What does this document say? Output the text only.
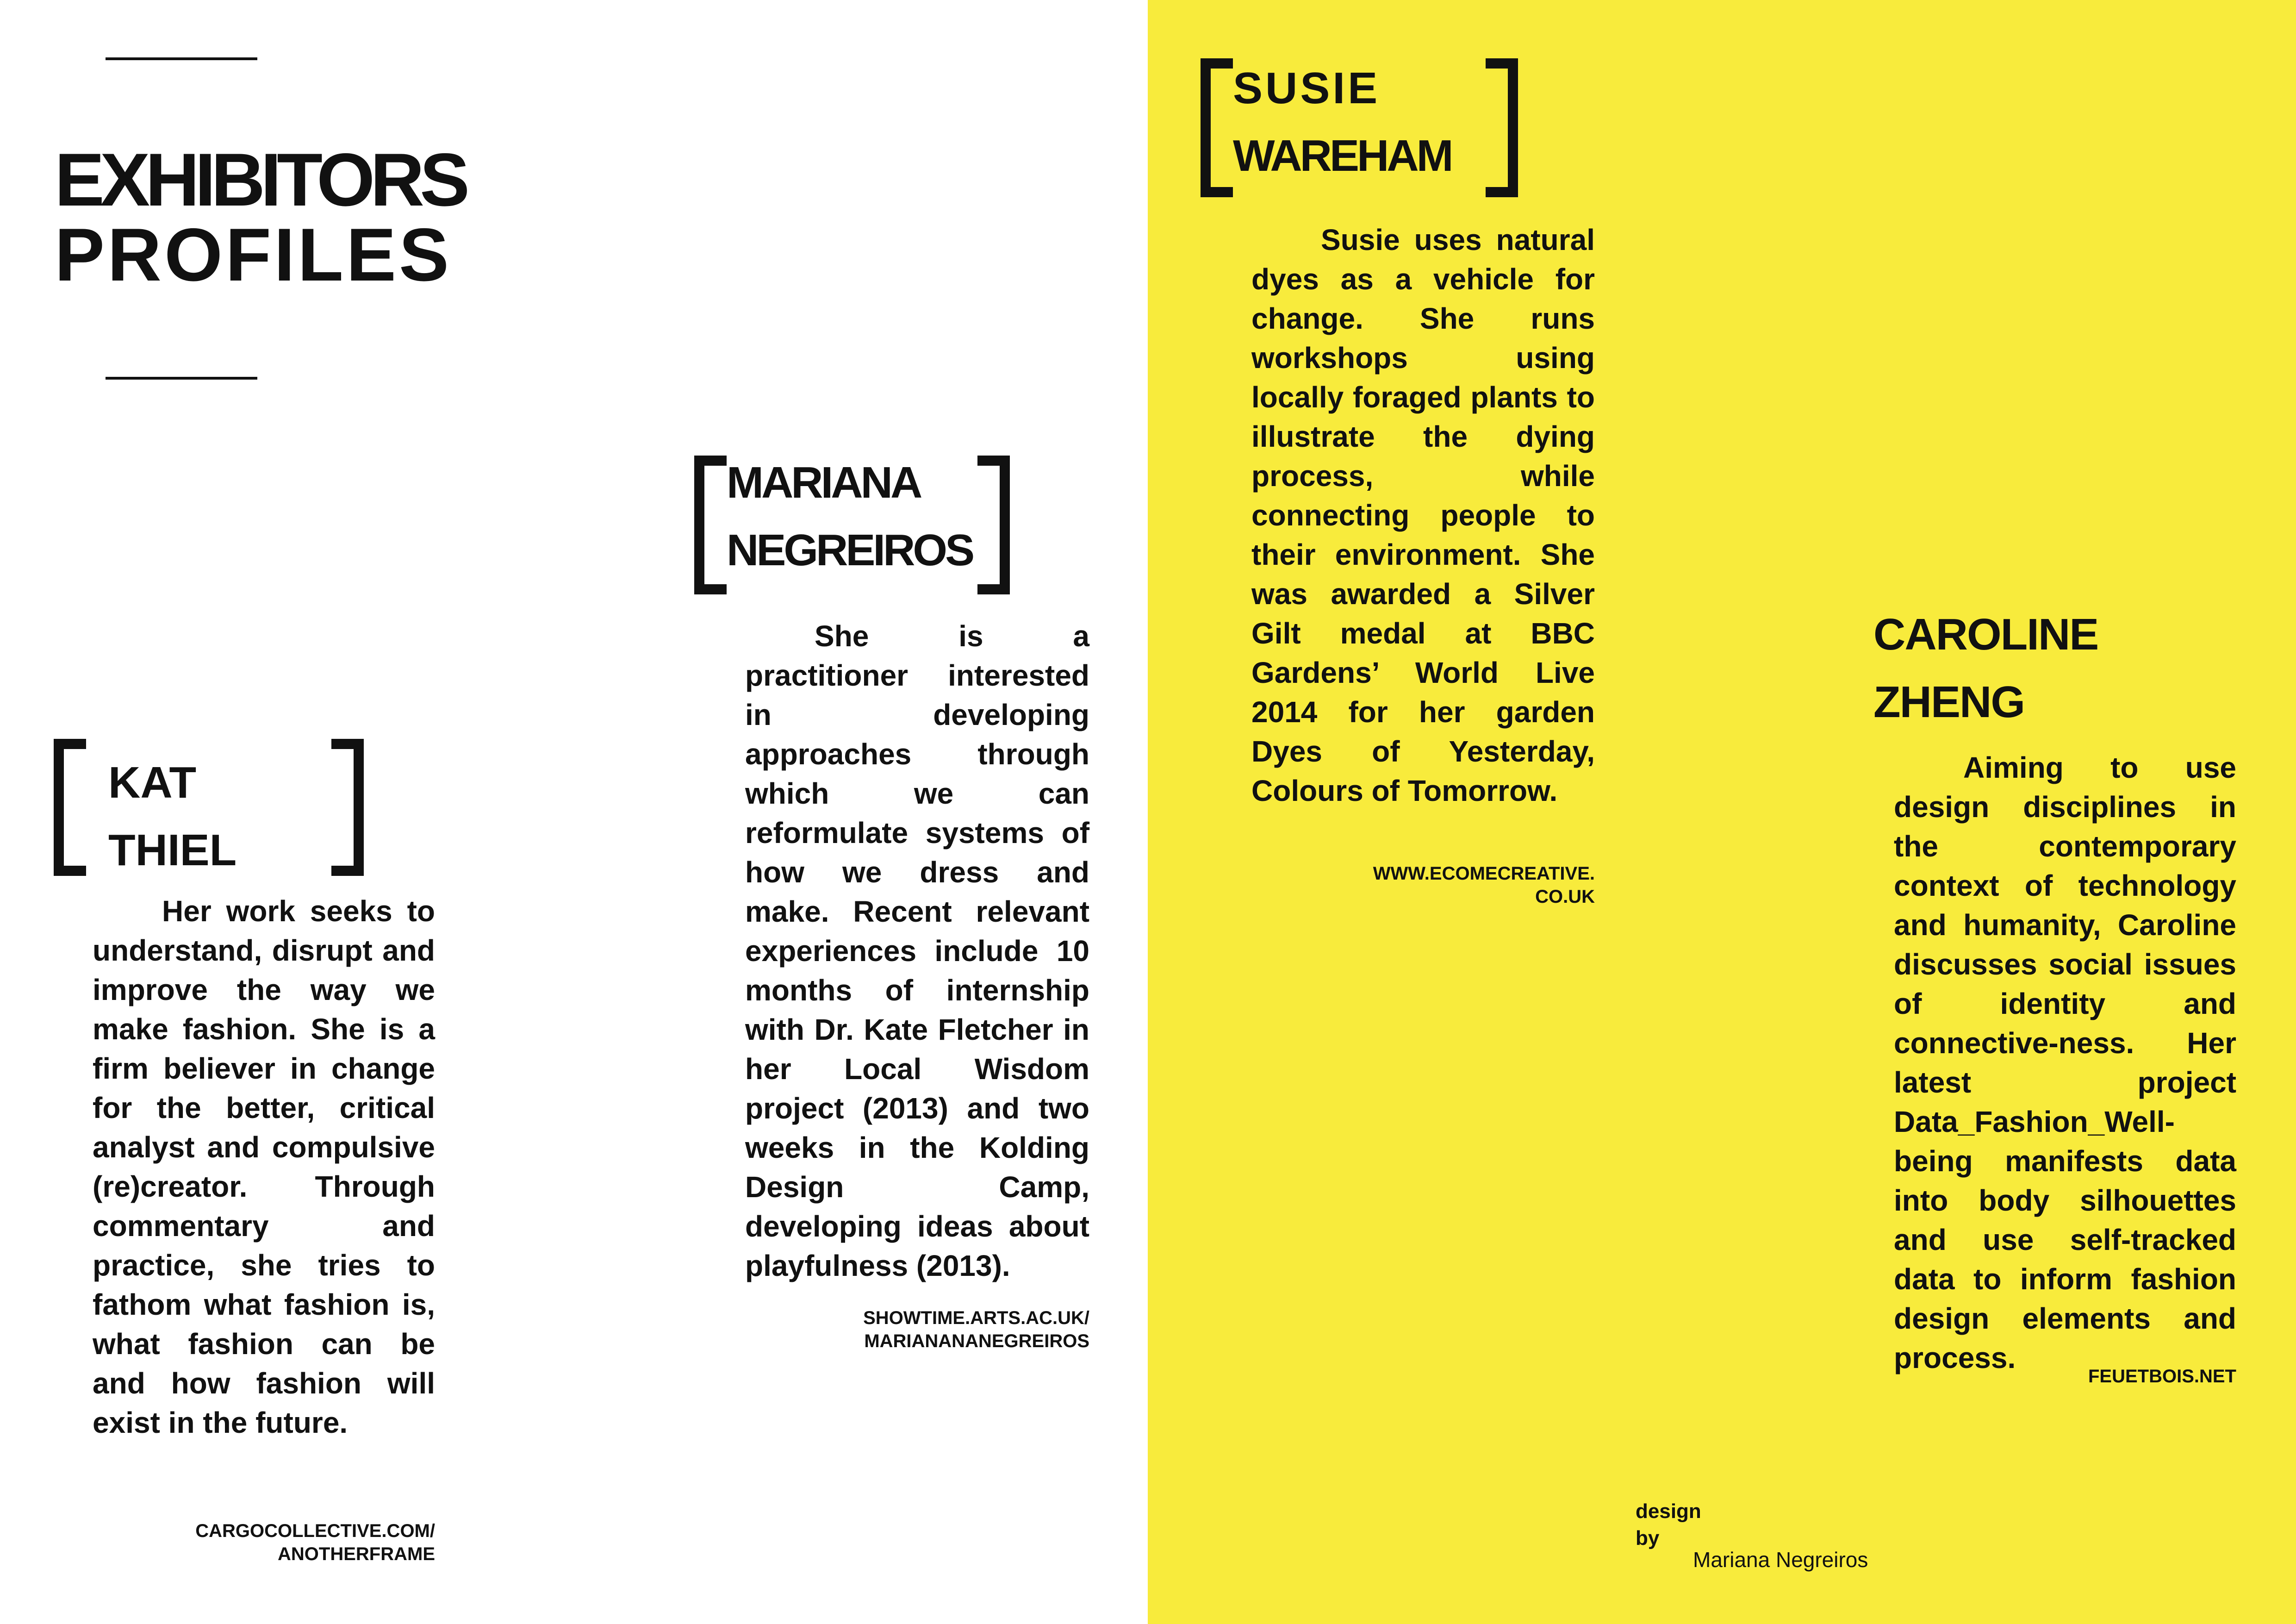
EXHIBITORS
PROFILES
KAT
THIEL

Her work seeks to understand, disrupt and improve the way we make fashion. She is a firm believer in change for the better, critical analyst and compulsive (re)creator. Through commentary and practice, she tries to fathom what fashion is, what fashion can be and how fashion will exist in the future.

CARGOCOLLECTIVE.COM/
ANOTHERFRAME

MARIANA
NEGREIROS

She is a practitioner interested in developing approaches through which we can reformulate systems of how we dress and make. Recent relevant experiences include 10 months of internship with Dr. Kate Fletcher in her Local Wisdom project (2013) and two weeks in the Kolding Design Camp, developing ideas about playfulness (2013).

SHOWTIME.ARTS.AC.UK/
MARIANANANEGREIROS

SUSIE
WAREHAM

Susie uses natural dyes as a vehicle for change. She runs workshops using locally foraged plants to illustrate the dying process, while connecting people to their environment. She was awarded a Silver Gilt medal at BBC Gardens’ World Live 2014 for her garden Dyes of Yesterday, Colours of Tomorrow.

WWW.ECOMECREATIVE.
CO.UK

CAROLINE
ZHENG

Aiming to use design disciplines in the contemporary context of technology and humanity, Caroline discusses social issues of identity and connective-ness. Her latest project Data_Fashion_Well-being manifests data into body silhouettes and use self-tracked data to inform fashion design elements and process.

FEUETBOIS.NET

design
by
Mariana Negreiros
